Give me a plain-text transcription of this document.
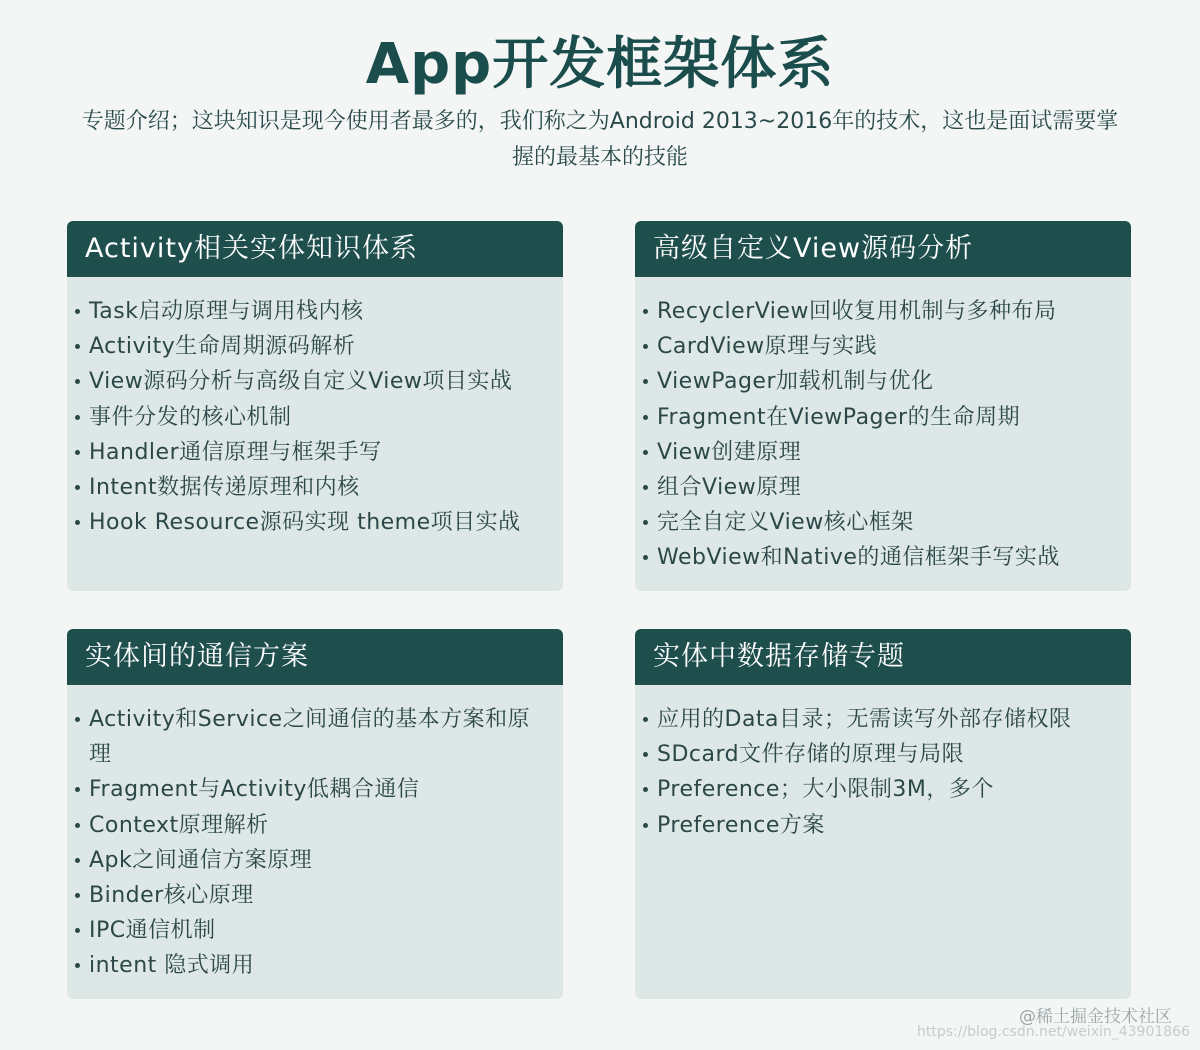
App开发框架体系
专题介绍；这块知识是现今使用者最多的，我们称之为Android 2013~2016年的技术，这也是面试需要掌握的最基本的技能
Activity相关实体知识体系
Task启动原理与调用栈内核
Activity生命周期源码解析
View源码分析与高级自定义View项目实战
事件分发的核心机制
Handler通信原理与框架手写
Intent数据传递原理和内核
Hook Resource源码实现 theme项目实战
高级自定义View源码分析
RecyclerView回收复用机制与多种布局
CardView原理与实践
ViewPager加载机制与优化
Fragment在ViewPager的生命周期
View创建原理
组合View原理
完全自定义View核心框架
WebView和Native的通信框架手写实战
实体间的通信方案
Activity和Service之间通信的基本方案和原理
Fragment与Activity低耦合通信
Context原理解析
Apk之间通信方案原理
Binder核心原理
IPC通信机制
intent 隐式调用
实体中数据存储专题
应用的Data目录；无需读写外部存储权限
SDcard文件存储的原理与局限
Preference；大小限制3M，多个
Preference方案
@稀土掘金技术社区
https://blog.csdn.net/weixin_43901866
